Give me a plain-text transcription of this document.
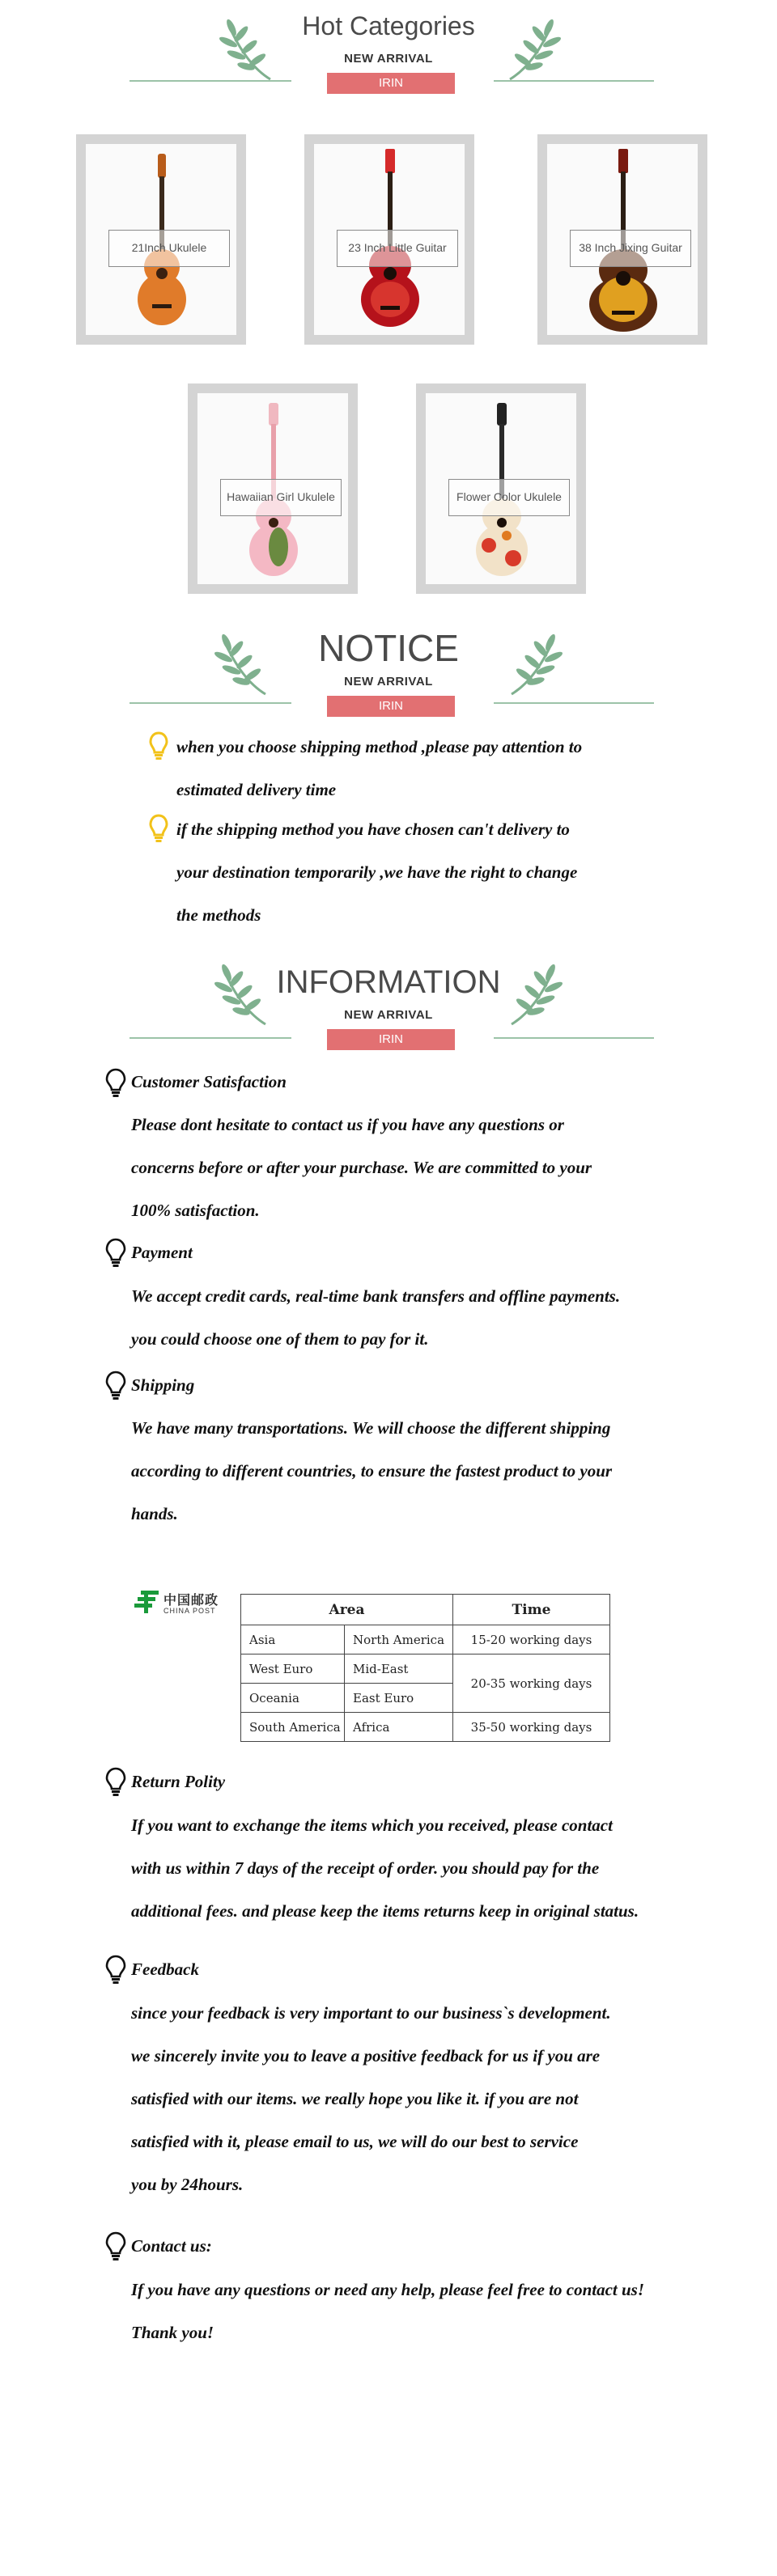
Hot Categories
NEW ARRIVAL
IRIN
21Inch Ukulele	23 Inch Little Guitar	38 Inch Jixing Guitar
Hawaiian Girl Ukulele	Flower Color Ukulele
NOTICE
NEW ARRIVAL
IRIN
when you choose shipping method ,please pay attention to
estimated delivery time
if the shipping method you have chosen can't delivery to
your destination temporarily ,we have the right to change
the methods
INFORMATION
NEW ARRIVAL
IRIN
Customer Satisfaction
Please dont hesitate to contact us if you have any questions or
concerns before or after your purchase. We are committed to your
100% satisfaction.
Payment
We accept credit cards, real-time bank transfers and offline payments.
you could choose one of them to pay for it.
Shipping
We have many transportations. We will choose the different shipping
according to different countries, to ensure the fastest product to your
hands.
中国邮政
CHINA POST	Area		Time
Asia	North America	15-20 working days
West Euro	Mid-East	20-35 working days
Oceania	East Euro	
South America	Africa	35-50 working days
Return Polity
If you want to exchange the items which you received, please contact
with us within 7 days of the receipt of order. you should pay for the
additional fees. and please keep the items returns keep in original status.
Feedback
since your feedback is very important to our business`s development.
we sincerely invite you to leave a positive feedback for us if you are
satisfied with our items. we really hope you like it. if you are not
satisfied with it, please email to us, we will do our best to service
you by 24hours.
Contact us:
If you have any questions or need any help, please feel free to contact us!
Thank you!
